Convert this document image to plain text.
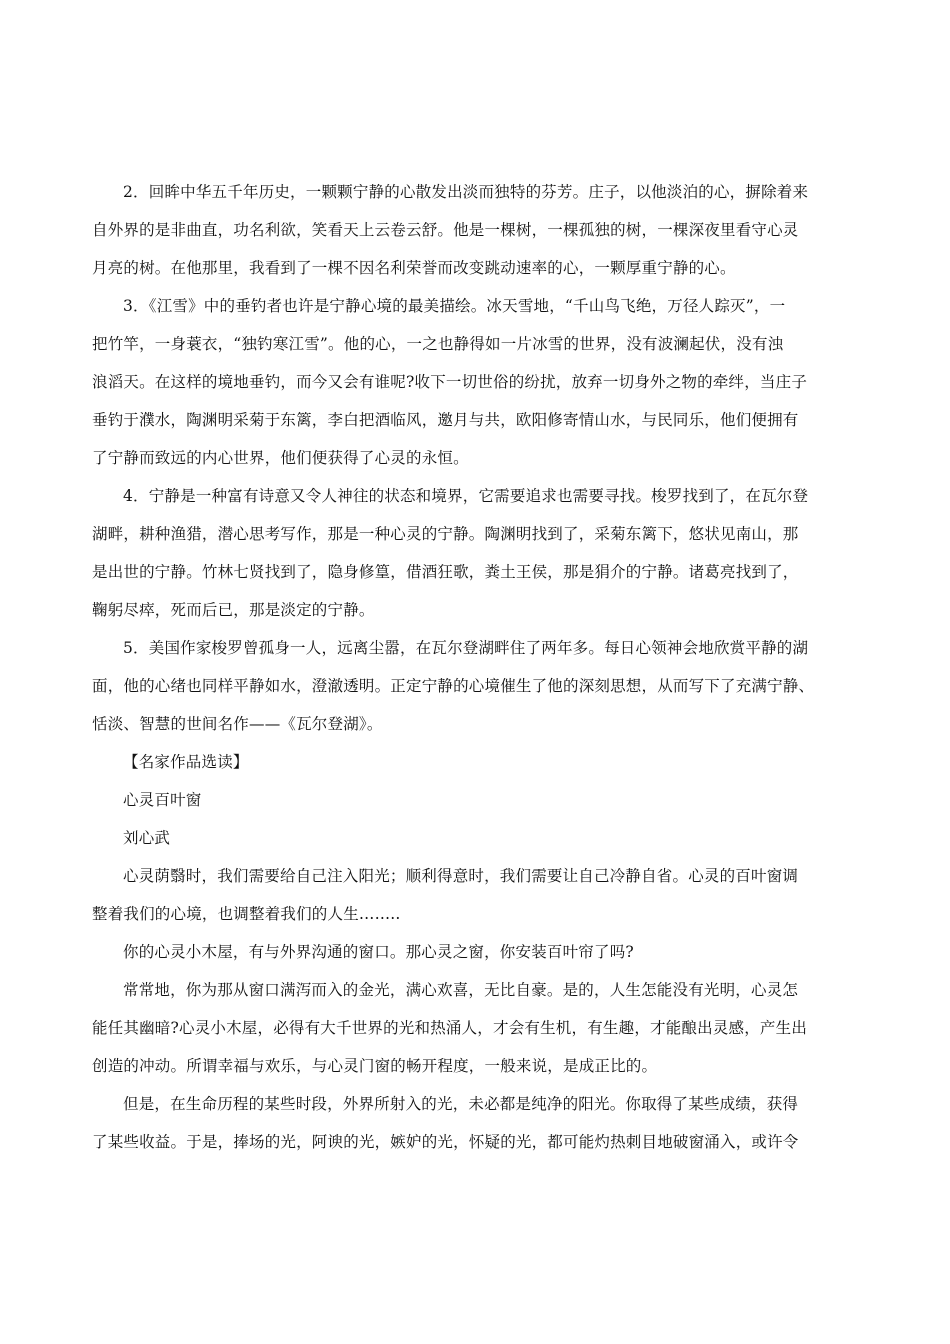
2．回眸中华五千年历史，一颗颗宁静的心散发出淡而独特的芬芳。庄子，以他淡泊的心，摒除着来
自外界的是非曲直，功名利欲，笑看天上云卷云舒。他是一棵树，一棵孤独的树，一棵深夜里看守心灵
月亮的树。在他那里，我看到了一棵不因名利荣誉而改变跳动速率的心，一颗厚重宁静的心。
3．《江雪》中的垂钓者也许是宁静心境的最美描绘。冰天雪地，“千山鸟飞绝，万径人踪灭”，一
把竹竿，一身蓑衣，“独钓寒江雪”。他的心，一之也静得如一片冰雪的世界，没有波澜起伏，没有浊
浪滔天。在这样的境地垂钓，而今又会有谁呢?收下一切世俗的纷扰，放弃一切身外之物的牵绊，当庄子
垂钓于濮水，陶渊明采菊于东篱，李白把酒临风，邀月与共，欧阳修寄情山水，与民同乐，他们便拥有
了宁静而致远的内心世界，他们便获得了心灵的永恒。
4．宁静是一种富有诗意又令人神往的状态和境界，它需要追求也需要寻找。梭罗找到了，在瓦尔登
湖畔，耕种渔猎，潜心思考写作，那是一种心灵的宁静。陶渊明找到了，采菊东篱下，悠状见南山，那
是出世的宁静。竹林七贤找到了，隐身修篁，借酒狂歌，粪土王侯，那是狷介的宁静。诸葛亮找到了，
鞠躬尽瘁，死而后已，那是淡定的宁静。
5．美国作家梭罗曾孤身一人，远离尘嚣，在瓦尔登湖畔住了两年多。每日心领神会地欣赏平静的湖
面，他的心绪也同样平静如水，澄澈透明。正定宁静的心境催生了他的深刻思想，从而写下了充满宁静、
恬淡、智慧的世间名作——《瓦尔登湖》。

【名家作品选读】

心灵百叶窗

刘心武

心灵荫翳时，我们需要给自己注入阳光；顺利得意时，我们需要让自己冷静自省。心灵的百叶窗调
整着我们的心境，也调整着我们的人生……..
你的心灵小木屋，有与外界沟通的窗口。那心灵之窗，你安装百叶帘了吗?
常常地，你为那从窗口满泻而入的金光，满心欢喜，无比自豪。是的，人生怎能没有光明，心灵怎
能任其幽暗?心灵小木屋，必得有大千世界的光和热涌人，才会有生机，有生趣，才能酿出灵感，产生出
创造的冲动。所谓幸福与欢乐，与心灵门窗的畅开程度，一般来说，是成正比的。
但是，在生命历程的某些时段，外界所射入的光，未必都是纯净的阳光。你取得了某些成绩，获得
了某些收益。于是，捧场的光，阿谀的光，嫉妒的光，怀疑的光，都可能灼热刺目地破窗涌入，或许令
